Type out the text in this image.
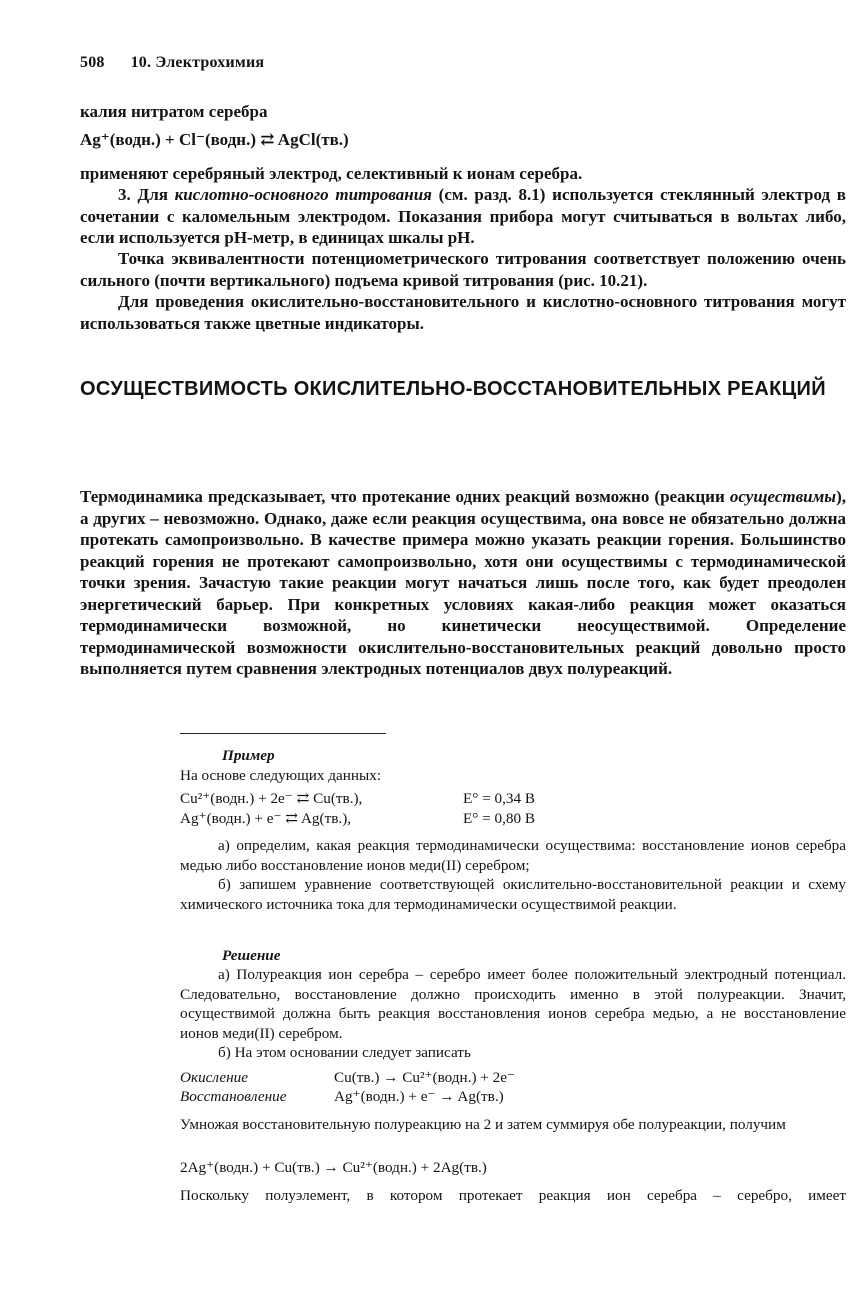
508 10. Электрохимия
калия нитратом серебра
Ag⁺(водн.) + Cl⁻(водн.) ⇄ AgCl(тв.)
применяют серебряный электрод, селективный к ионам серебра.
3. Для кислотно-основного титрования (см. разд. 8.1) используется стеклянный электрод в сочетании с каломельным электродом. Показания прибора могут считываться в вольтах либо, если используется pH-метр, в единицах шкалы pH.
Точка эквивалентности потенциометрического титрования соответствует положению очень сильного (почти вертикального) подъема кривой титрования (рис. 10.21).
Для проведения окислительно-восстановительного и кислотно-основного титрования могут использоваться также цветные индикаторы.
ОСУЩЕСТВИМОСТЬ ОКИСЛИТЕЛЬНО-ВОССТАНОВИТЕЛЬНЫХ РЕАКЦИЙ
Термодинамика предсказывает, что протекание одних реакций возможно (реакции осуществимы), а других – невозможно. Однако, даже если реакция осуществима, она вовсе не обязательно должна протекать самопроизвольно. В качестве примера можно указать реакции горения. Большинство реакций горения не протекают самопроизвольно, хотя они осуществимы с термодинамической точки зрения. Зачастую такие реакции могут начаться лишь после того, как будет преодолен энергетический барьер. При конкретных условиях какая-либо реакция может оказаться термодинамически возможной, но кинетически неосуществимой. Определение термодинамической возможности окислительно-восстановительных реакций довольно просто выполняется путем сравнения электродных потенциалов двух полуреакций.
Пример
На основе следующих данных:
Cu²⁺(водн.) + 2e⁻ ⇄ Cu(тв.),	E° = 0,34 В
Ag⁺(водн.) + e⁻ ⇄ Ag(тв.),	E° = 0,80 В
а) определим, какая реакция термодинамически осуществима: восстановление ионов серебра медью либо восстановление ионов меди(II) серебром;
б) запишем уравнение соответствующей окислительно-восстановительной реакции и схему химического источника тока для термодинамически осуществимой реакции.
Решение
а) Полуреакция ион серебра – серебро имеет более положительный электродный потенциал. Следовательно, восстановление должно происходить именно в этой полуреакции. Значит, осуществимой должна быть реакция восстановления ионов серебра медью, а не восстановление ионов меди(II) серебром.
б) На этом основании следует записать
Окисление	Cu(тв.) → Cu²⁺(водн.) + 2e⁻
Восстановление	Ag⁺(водн.) + e⁻ → Ag(тв.)
Умножая восстановительную полуреакцию на 2 и затем суммируя обе полуреакции, получим
2Ag⁺(водн.) + Cu(тв.) → Cu²⁺(водн.) + 2Ag(тв.)
Поскольку полуэлемент, в котором протекает реакция ион серебра – серебро, имеет
